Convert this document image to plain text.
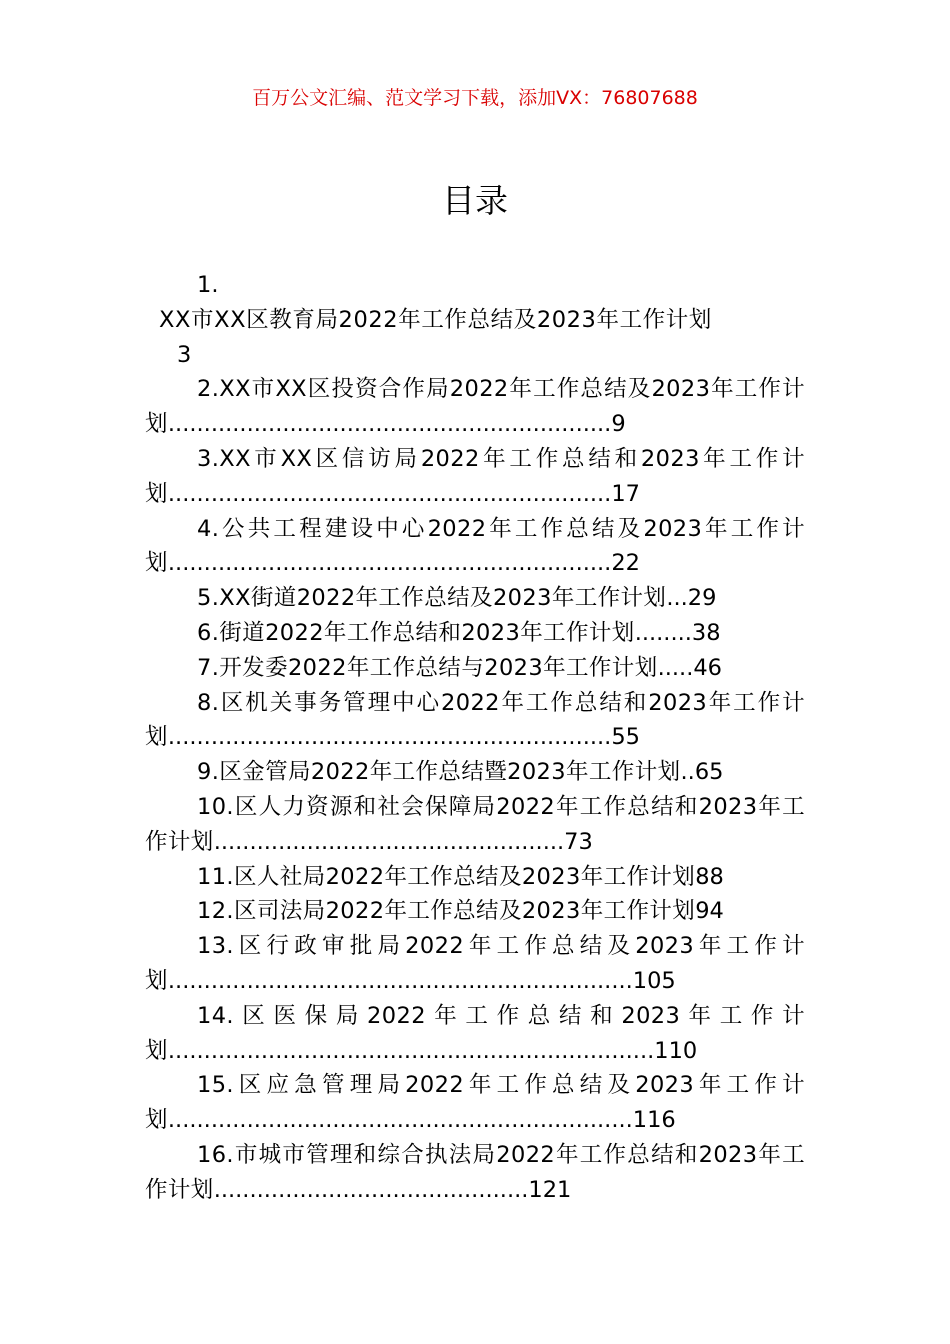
百万公文汇编、范文学习下载，添加VX：76807688
目录
1.
XX市XX区教育局2022年工作总结及2023年工作计划
3
2.XX市XX区投资合作局2022年工作总结及2023年工作计划..............................................................9
3.XX市XX区信访局2022年工作总结和2023年工作计划..............................................................17
4.公共工程建设中心2022年工作总结及2023年工作计划..............................................................22
5.XX街道2022年工作总结及2023年工作计划...29
6.街道2022年工作总结和2023年工作计划........38
7.开发委2022年工作总结与2023年工作计划.....46
8.区机关事务管理中心2022年工作总结和2023年工作计划..............................................................55
9.区金管局2022年工作总结暨2023年工作计划..65
10.区人力资源和社会保障局2022年工作总结和2023年工作计划.................................................73
11.区人社局2022年工作总结及2023年工作计划88
12.区司法局2022年工作总结及2023年工作计划94
13.区行政审批局2022年工作总结及2023年工作计划.................................................................105
14.区医保局2022年工作总结和2023年工作计划....................................................................110
15.区应急管理局2022年工作总结及2023年工作计划.................................................................116
16.市城市管理和综合执法局2022年工作总结和2023年工作计划............................................121
